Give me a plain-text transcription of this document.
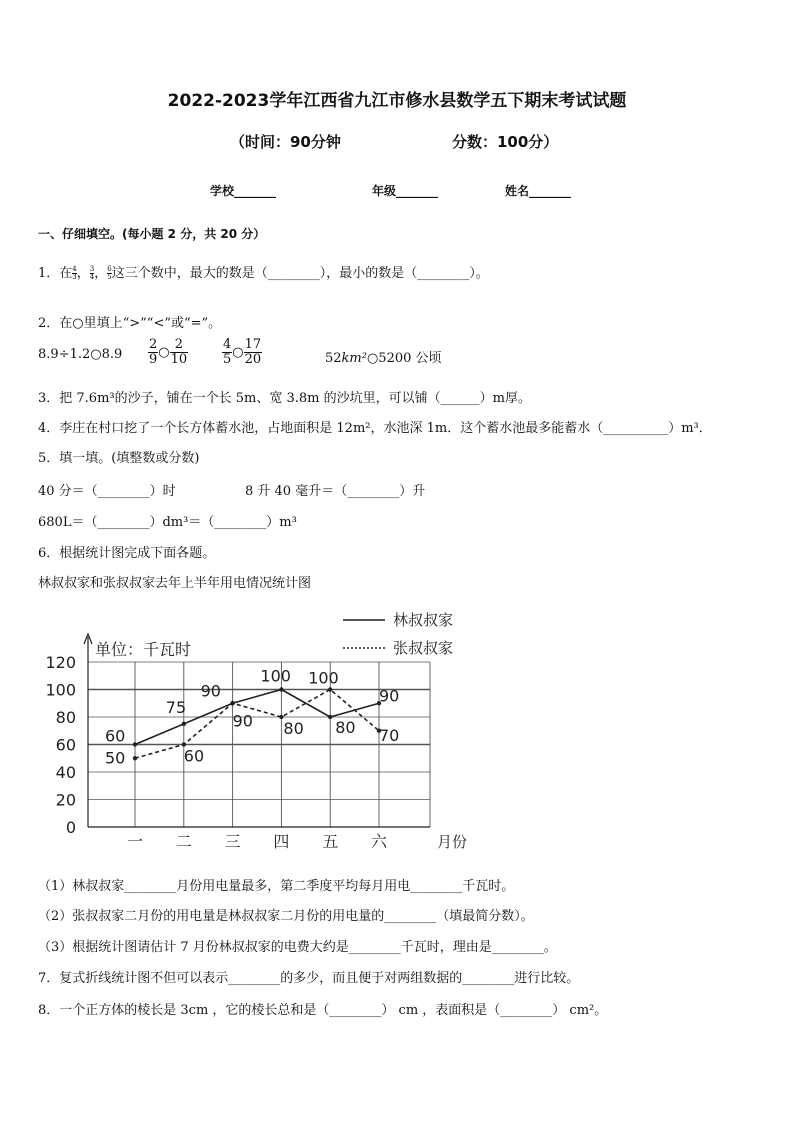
2022-2023学年江西省九江市修水县数学五下期末考试试题
（时间：90分钟	分数：100分）
学校_______	年级_______	姓名_______
一、仔细填空。(每小题 2 分，共 20 分）
1．在 $\frac{4}{3}$ ， $\frac{3}{4}$ ， $\frac{6}{5}$ 这三个数中，最大的数是（________），最小的数是（________）。
2．在○里填上“>”“<”或“=”。
8.9÷1.2○8.9 $\frac{2}{9}$ ○ $\frac{2}{10}$	$\frac{4}{5}$ ○ $\frac{17}{20}$	52km²○5200 公顷
3．把 7.6m³的沙子，铺在一个长 5m、宽 3.8m 的沙坑里，可以铺（______）m厚。
4．李庄在村口挖了一个长方体蓄水池，占地面积是 12m²，水池深 1m．这个蓄水池最多能蓄水（__________）m³．
5．填一填。(填整数或分数)
40 分＝（________）时	8 升 40 毫升＝（________）升
680L＝（________）dm³＝（________）m³
6．根据统计图完成下面各题。
林叔叔家和张叔叔家去年上半年用电情况统计图
0
20
40
60
80
100
120
一 二 三 四 五 六
60
75
90
100
80
90
50	60
90 80
100
70
单位：千瓦时
月份
林叔叔家
张叔叔家
（1）林叔叔家________月份用电量最多，第二季度平均每月用电________千瓦时。
（2）张叔叔家二月份的用电量是林叔叔家二月份的用电量的________（填最简分数）。
（3）根据统计图请估计 7 月份林叔叔家的电费大约是________千瓦时，理由是________。
7．复式折线统计图不但可以表示________的多少，而且便于对两组数据的________进行比较。
8．一个正方体的棱长是 3cm ，它的棱长总和是（________） cm ，表面积是（________） cm²。
